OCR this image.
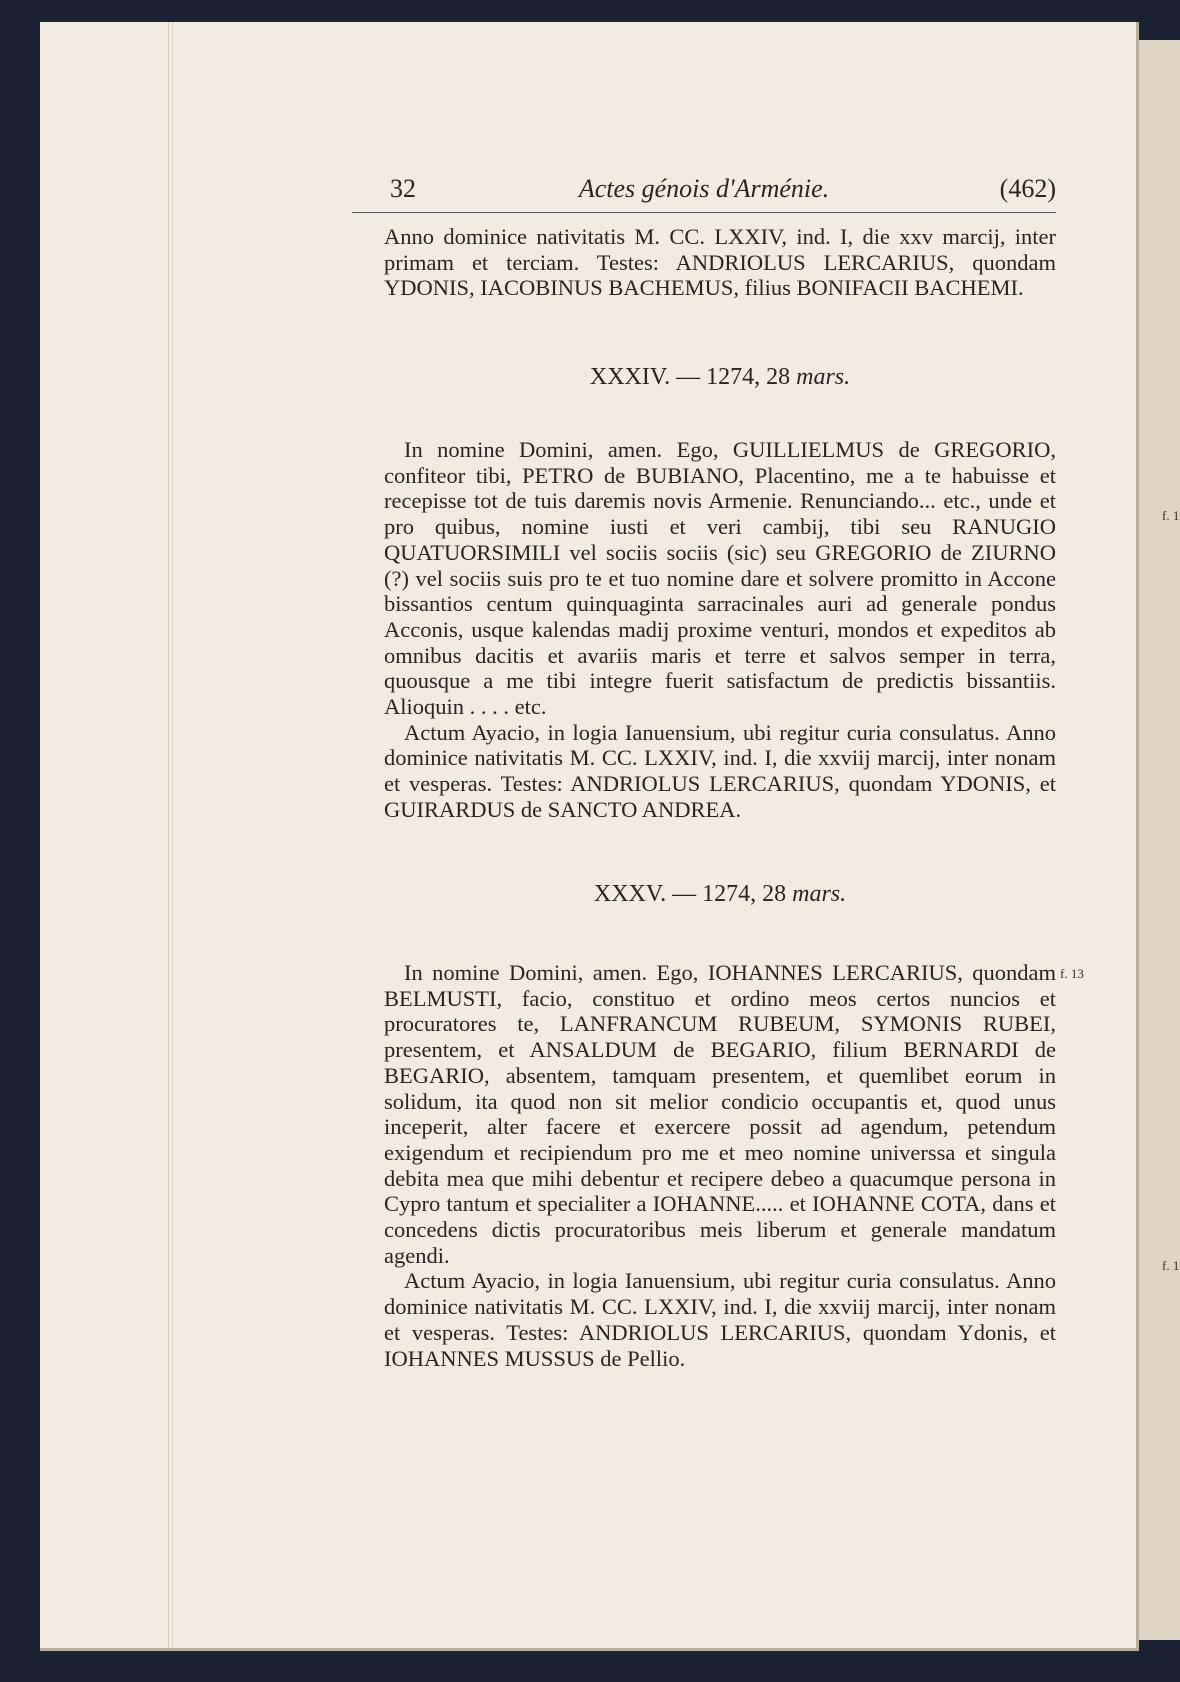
f. 1
f. 1
Actes génois d'Arménie.
32	(462)

Anno dominice nativitatis M. CC. LXXIV, ind. I, die xxv marcij, inter primam et terciam. Testes: ANDRIOLUS LERCARIUS, quondam YDONIS, IACOBINUS BACHEMUS, filius BONIFACII BACHEMI.

XXXIV. — 1274, 28 mars.

In nomine Domini, amen. Ego, GUILLIELMUS de GREGORIO, confiteor tibi, PETRO de BUBIANO, Placentino, me a te habuisse et recepisse tot de tuis daremis novis Armenie. Renunciando... etc., unde et pro quibus, nomine iusti et veri cambij, tibi seu RANUGIO QUATUORSIMILI vel sociis sociis (sic) seu GREGORIO de ZIURNO (?) vel sociis suis pro te et tuo nomine dare et solvere promitto in Accone bissantios centum quinquaginta sarracinales auri ad generale pondus Acconis, usque kalendas madij proxime venturi, mondos et expeditos ab omnibus dacitis et avariis maris et terre et salvos semper in terra, quousque a me tibi integre fuerit satisfactum de predictis bissantiis. Alioquin . . . . etc.

Actum Ayacio, in logia Ianuensium, ubi regitur curia consulatus. Anno dominice nativitatis M. CC. LXXIV, ind. I, die xxviij marcij, inter nonam et vesperas. Testes: ANDRIOLUS LERCARIUS, quondam YDONIS, et GUIRARDUS de SANCTO ANDREA.

XXXV. — 1274, 28 mars.

In nomine Domini, amen. Ego, IOHANNES LERCARIUS, quondam BELMUSTI, facio, constituo et ordino meos certos nuncios et procuratores te, LANFRANCUM RUBEUM, SYMONIS RUBEI, presentem, et ANSALDUM de BEGARIO, filium BERNARDI de BEGARIO, absentem, tamquam presentem, et quemlibet eorum in solidum, ita quod non sit melior condicio occupantis et, quod unus inceperit, alter facere et exercere possit ad agendum, petendum exigendum et recipiendum pro me et meo nomine universsa et singula debita mea que mihi debentur et recipere debeo a quacumque persona in Cypro tantum et specialiter a IOHANNE..... et IOHANNE COTA, dans et concedens dictis procuratoribus meis liberum et generale mandatum agendi.

Actum Ayacio, in logia Ianuensium, ubi regitur curia consulatus. Anno dominice nativitatis M. CC. LXXIV, ind. I, die xxviij marcij, inter nonam et vesperas. Testes: ANDRIOLUS LERCARIUS, quondam Ydonis, et IOHANNES MUSSUS de Pellio.

f. 13
